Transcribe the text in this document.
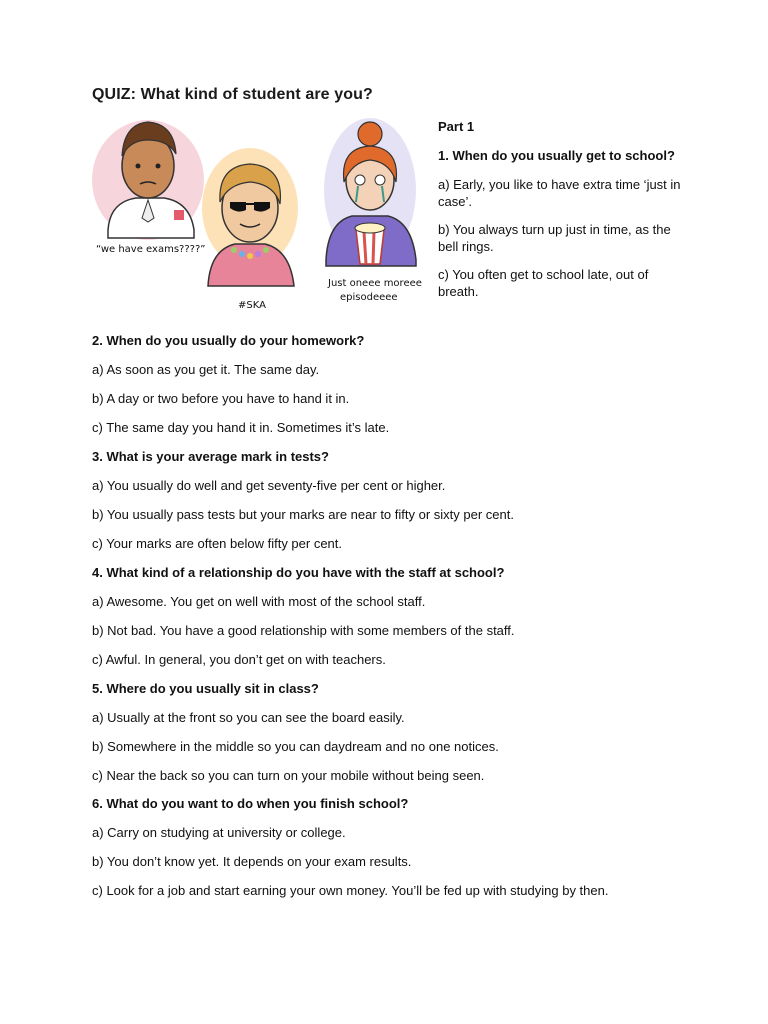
QUIZ: What kind of student are you?
“we have exams????”
#SKA
Just oneee moreee
episodeeee
Part 1
1. When do you usually get to school?
a) Early, you like to have extra time ‘just in case’.
b) You always turn up just in time, as the bell rings.
c) You often get to school late, out of breath.
2. When do you usually do your homework?
a) As soon as you get it. The same day.
b) A day or two before you have to hand it in.
c) The same day you hand it in. Sometimes it’s late.
3. What is your average mark in tests?
a) You usually do well and get seventy-five per cent or higher.
b) You usually pass tests but your marks are near to fifty or sixty per cent.
c) Your marks are often below fifty per cent.
4. What kind of a relationship do you have with the staff at school?
a) Awesome. You get on well with most of the school staff.
b) Not bad. You have a good relationship with some members of the staff.
c) Awful. In general, you don’t get on with teachers.
5. Where do you usually sit in class?
a) Usually at the front so you can see the board easily.
b) Somewhere in the middle so you can daydream and no one notices.
c) Near the back so you can turn on your mobile without being seen.
6. What do you want to do when you finish school?
a) Carry on studying at university or college.
b) You don’t know yet. It depends on your exam results.
c) Look for a job and start earning your own money. You’ll be fed up with studying by then.
